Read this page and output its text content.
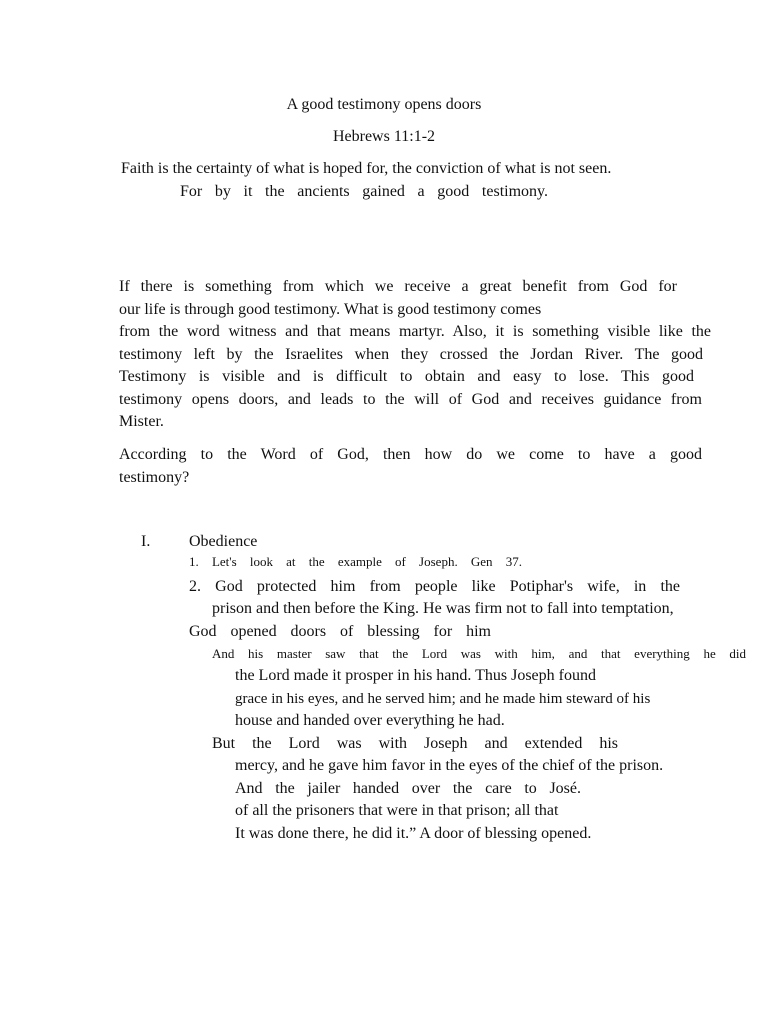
A good testimony opens doors
Hebrews 11:1-2
Faith is the certainty of what is hoped for, the conviction of what is not seen.
For by it the ancients gained a good testimony.
If there is something from which we receive a great benefit from God for
our life is through good testimony. What is good testimony comes
from the word witness and that means martyr. Also, it is something visible like the
testimony left by the Israelites when they crossed the Jordan River. The good
Testimony is visible and is difficult to obtain and easy to lose. This good
testimony opens doors, and leads to the will of God and receives guidance from
Mister.
According to the Word of God, then how do we come to have a good
testimony?
I. Obedience
1. Let's look at the example of Joseph. Gen 37.
2. God protected him from people like Potiphar's wife, in the
prison and then before the King. He was firm not to fall into temptation,
God opened doors of blessing for him
And his master saw that the Lord was with him, and that everything he did
the Lord made it prosper in his hand. Thus Joseph found
grace in his eyes, and he served him; and he made him steward of his
house and handed over everything he had.
But the Lord was with Joseph and extended his
mercy, and he gave him favor in the eyes of the chief of the prison.
And the jailer handed over the care to José.
of all the prisoners that were in that prison; all that
It was done there, he did it.” A door of blessing opened.
